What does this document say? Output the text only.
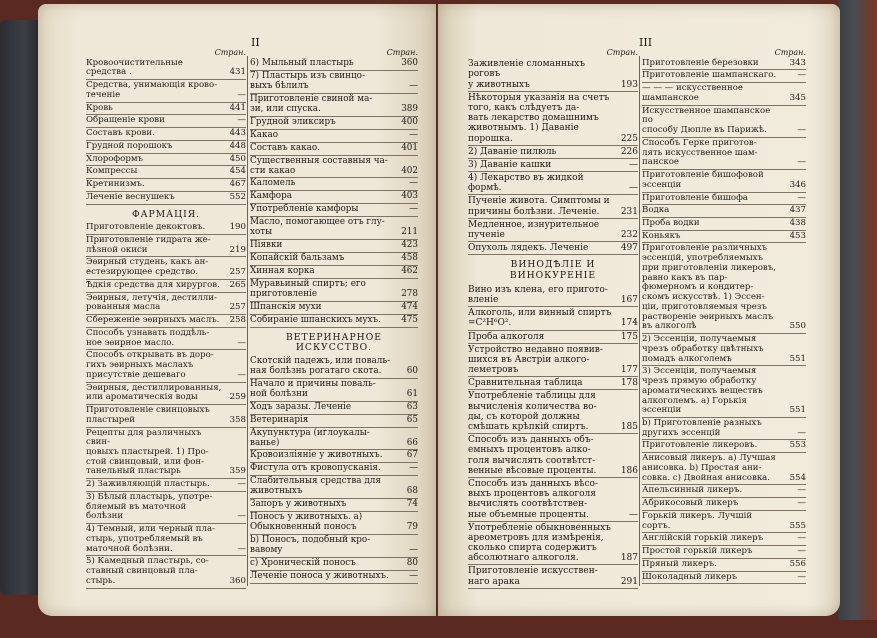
II
Стран.
Кровоочистительные средства .	431
Средства, унимающiя крово-
теченiе	—
Кровь	441
Обращенiе крови	—
Составъ крови.	443
Грудной порошокъ	448
Хлороформъ	450
Компрессы	454
Кретинизмъ.	467
Леченiе веснушекъ	552
ФАРМАЦIЯ.
Приготовленiе декоктовъ.	190
Приготовленiе гидрата же-
лѣзной окиси	219
Эѳирный студень, какъ ан-
естезирующее средство.	257
Ѣдкiя средства для хирургов.	265
Эѳирныя, летучiя, дестилли-
рованныя масла	257
Сбереженiе эѳирныхъ маслъ.	258
Способъ узнавать поддѣль-
ное эѳирное масло.	—
Способъ открывать въ доро-
гихъ эѳирныхъ маслахъ
присутствiе дешеваго	—
Эѳирныя, дестиллированныя,
или ароматическiя воды	259
Приготовленiе свинцовыхъ
пластырей	358
Рецепты для различныхъ свин-
цовыхъ пластырей. 1) Про-
стой свинцовый, или фон-
танельный пластырь	359
2) Заживляющiй пластырь.	—
3) Бѣлый пластырь, употре-
бляемый въ маточной
болѣзни	—
4) Темный, или черный пла-
стырь, употребляемый въ
маточной болѣзни.	—
5) Камедный пластырь, со-
ставный свинцовый пла-
стырь.	360
Стран.
6) Мыльный пластырь	360
7) Пластырь изъ свинцо-
выхъ бѣлилъ	—
Приготовленiе свиной ма-
зи, или спуска.	389
Грудной эликсиръ	400
Какао	—
Составъ какао.	401
Существенныя составныя ча-
сти какао	402
Каломель	—
Камфора	403
Употребленiе камфоры	—
Масло, помогающее отъ глу-
хоты	211
Пiявки	423
Копайскiй бальзамъ	458
Хинная корка	462
Муравьиный спиртъ; его
приготовленiе	278
Шпанскiя мухи	474
Собиранiе шпанскихъ мухъ.	475
ВЕТЕРИНАРНОЕ ИСКУССТВО.
Скотскiй падежъ, или поваль-
ная болѣзнь рогатаго скота.	60
Начало и причины поваль-
ной болѣзни	61
Ходъ заразы. Леченiе	63
Ветеринарiя	65
Акупунктура (иглоукалы-
ванье)	66
Кровоизлiянiе у животныхъ.	67
Фистула отъ кровопусканiя.	—
Слабительныя средства для
животныхъ	68
Запоръ у животныхъ	74
Поносъ у животныхъ. а)
Обыкновенный поносъ	79
b) Поносъ, подобный кро-
вавому	—
c) Хроническiй поносъ	80
Леченiе поноса у животныхъ.	—
III
Стран.
Заживленiе сломанныхъ роговъ
у животныхъ	193
Нѣкоторыя указанiя на счетъ
того, какъ слѣдуетъ да-
вать лекарство домашнимъ
животнымъ. 1) Даванiе
порошка.	225
2) Даванiе пилюль	226
3) Даванiе кашки	—
4) Лекарство въ жидкой формѣ.	—
Пученiе живота. Симптомы и
причины болѣзни. Леченiе.	231
Медленное, изнурительное
пученiе	232
Опухоль лядекъ. Леченiе	497
ВИНОДѢЛIЕ И ВИНОКУРЕНIЕ
Вино изъ клена, его пригото-
вленiе	167
Алкоголь, или винный спиртъ
=C²H⁶O².	174
Проба алкоголя	175
Устройство недавно появив-
шихся въ Австрiи алкого-
леметровъ	177
Сравнительная таблица	178
Употребленiе таблицы для
вычисленiя количества во-
ды, съ которой должны
смѣшать крѣпкiй спиртъ.	185
Способъ изъ данныхъ объ-
емныхъ процентовъ алко-
голя вычислять соотвѣтст-
венные вѣсовые проценты.	186
Способъ изъ данныхъ вѣсо-
выхъ процентовъ алкоголя
вычислять соотвѣтствен-
ные объемные проценты.	—
Употребленiе обыкновенныхъ
ареометровъ для измѣренiя,
сколько спирта содержитъ
абсолютнаго алкоголя.	187
Приготовленiе искусствен-
наго арака	291
Стран.
Приготовленiе березовки	343
Приготовленiе шампанскаго.	—
— — — искусственное
шампанское	345
Искусственное шампанское по
способу Дюпле въ Парижѣ.	—
Способъ Герке приготов-
лять искусственное шам-
панское	—
Приготовленiе бишофовой
эссенцiи	346
Приготовленiе бишофа	—
Водка	437
Проба водки	438
Коньякъ	453
Приготовленiе различныхъ
эссенцiй, употребляемыхъ
при приготовленiи ликеровъ,
равно какъ въ пар-
фюмерномъ и кондитер-
скомъ искусствѣ. 1) Эссен-
цiи, приготовляемыя чрезъ
растворенiе эѳирныхъ маслъ
въ алкоголѣ	550
2) Эссенцiи, получаемыя
чрезъ обработку цвѣтныхъ
помадъ алкоголемъ	551
3) Эссенцiи, получаемыя
чрезъ прямую обработку
ароматическихъ веществъ
алкоголемъ. a) Горькiя
эссенцiи	551
b) Приготовленiе разныхъ
другихъ эссенцiй	—
Приготовленiе ликеровъ.	553
Анисовый ликеръ. a) Лучшая
анисовка. b) Простая ани-
совка. c) Двойная анисовка.	554
Апельсинный ликеръ.	—
Абрикосовый ликеръ	—
Горькiй ликеръ. Лучшiй сортъ.	555
Англiйскiй горькiй ликеръ	—
Простой горькiй ликеръ	—
Пряный ликеръ.	556
Шоколадный ликеръ	—
